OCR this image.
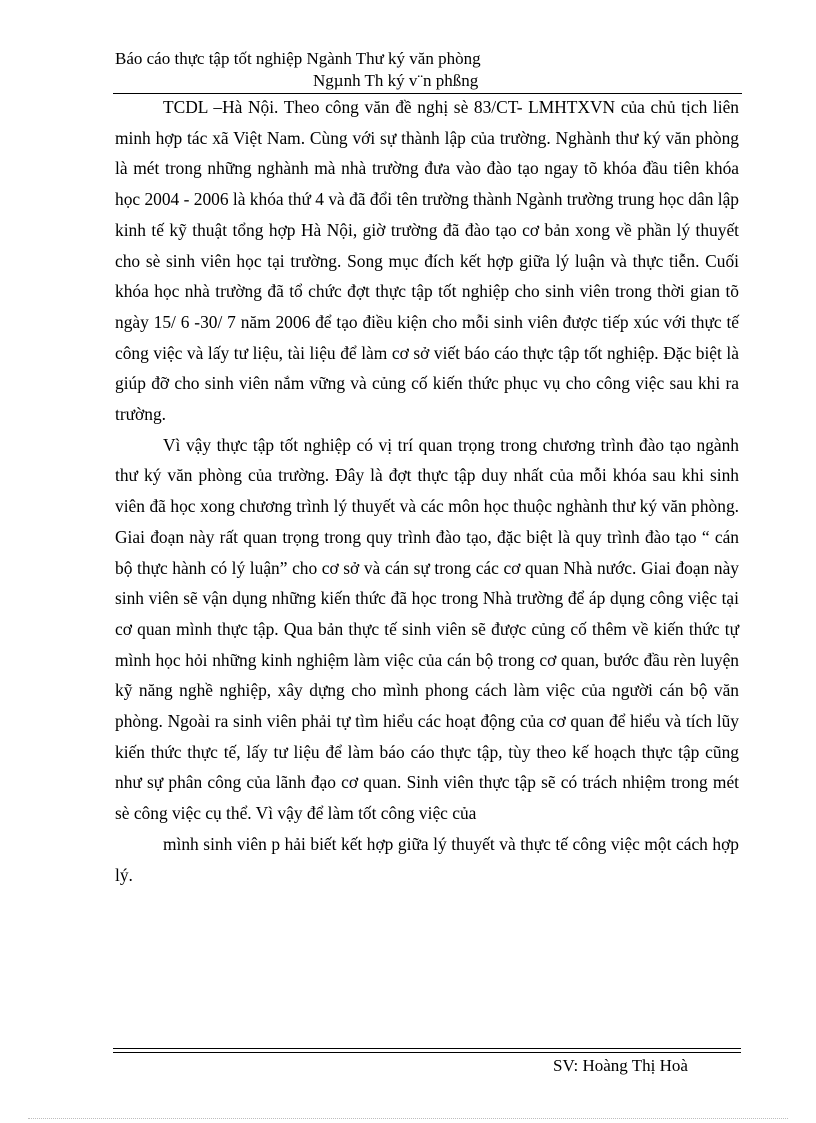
Báo cáo thực tập tốt nghiệp Ngành Thư ký văn phòng

Ngµnh Th ký v¨n phßng

TCDL –Hà Nội. Theo công văn đề nghị sè 83/CT- LMHTXVN của chủ tịch liên minh hợp tác xã Việt Nam. Cùng với sự thành lập của trường. Nghành thư ký văn phòng là mét trong những nghành mà nhà trường đưa vào đào tạo ngay tõ khóa đầu tiên khóa học 2004 - 2006 là khóa thứ 4 và đã đổi tên trường thành Ngành trường trung học dân lập kinh tế kỹ thuật tổng hợp Hà Nội, giờ trường đã đào tạo cơ bản xong về phần lý thuyết cho sè sinh viên học tại trường. Song mục đích kết hợp giữa lý luận và thực tiễn. Cuối khóa học nhà trường đã tổ chức đợt thực tập tốt nghiệp cho sinh viên trong thời gian tõ ngày 15/ 6 -30/ 7 năm 2006 để tạo điều kiện cho mỗi sinh viên được tiếp xúc với thực tế công việc và lấy tư liệu, tài liệu để làm cơ sở viết báo cáo thực tập tốt nghiệp. Đặc biệt là giúp đỡ cho sinh viên nắm vững và củng cố kiến thức phục vụ cho công việc sau khi ra trường.

Vì vậy thực tập tốt nghiệp có vị trí quan trọng trong chương trình đào tạo ngành thư ký văn phòng của trường. Đây là đợt thực tập duy nhất của mỗi khóa sau khi sinh viên đã học xong chương trình lý thuyết và các môn học thuộc nghành thư ký văn phòng. Giai đoạn này rất quan trọng trong quy trình đào tạo, đặc biệt là quy trình đào tạo “ cán bộ thực hành có lý luận” cho cơ sở và cán sự trong các cơ quan Nhà nước. Giai đoạn này sinh viên sẽ vận dụng những kiến thức đã học trong Nhà trường để áp dụng công việc tại cơ quan mình thực tập. Qua bản thực tế sinh viên sẽ được củng cố thêm về kiến thức tự mình học hỏi những kinh nghiệm làm việc của cán bộ trong cơ quan, bước đầu rèn luyện kỹ năng nghề nghiệp, xây dựng cho mình phong cách làm việc của người cán bộ văn phòng. Ngoài ra sinh viên phải tự tìm hiểu các hoạt động của cơ quan để hiểu và tích lũy kiến thức thực tế, lấy tư liệu để làm báo cáo thực tập, tùy theo kế hoạch thực tập cũng như sự phân công của lãnh đạo cơ quan. Sinh viên thực tập sẽ có trách nhiệm trong mét sè công việc cụ thể. Vì vậy để làm tốt công việc của

mình sinh viên p hải biết kết hợp giữa lý thuyết và thực tế công việc một cách hợp lý.

SV: Hoàng Thị Hoà
